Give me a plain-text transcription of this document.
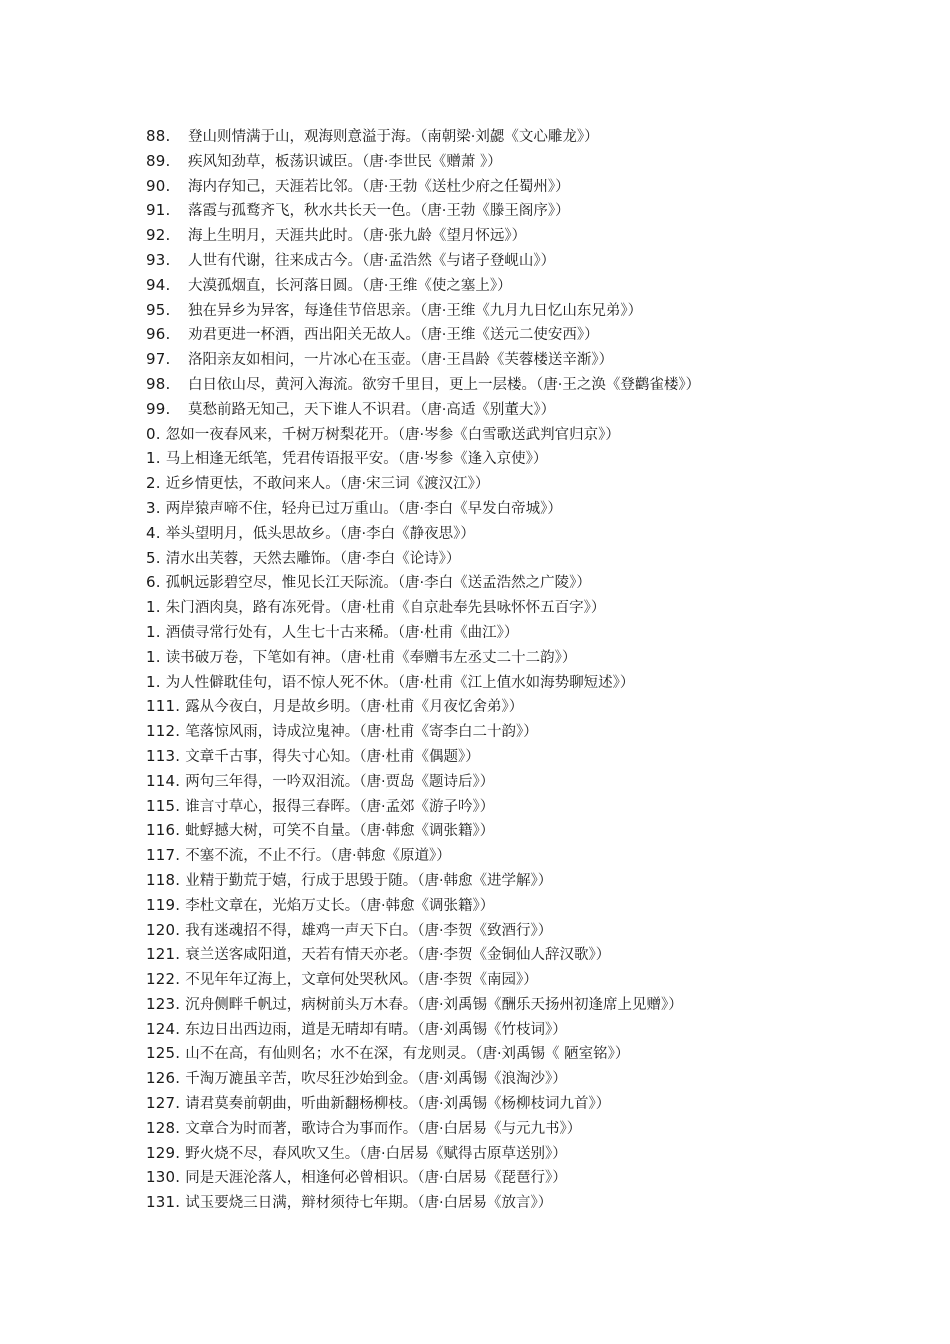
88. 登山则情满于山，观海则意溢于海。（南朝梁·刘勰《文心雕龙》）
89. 疾风知劲草，板荡识诚臣。（唐·李世民《赠萧 》）
90. 海内存知己，天涯若比邻。（唐·王勃《送杜少府之任蜀州》）
91. 落霞与孤鹜齐飞，秋水共长天一色。（唐·王勃《滕王阁序》）
92. 海上生明月，天涯共此时。（唐·张九龄《望月怀远》）
93. 人世有代谢，往来成古今。（唐·孟浩然《与诸子登岘山》）
94. 大漠孤烟直，长河落日圆。（唐·王维《使之塞上》）
95. 独在异乡为异客，每逢佳节倍思亲。（唐·王维《九月九日忆山东兄弟》）
96. 劝君更进一杯酒，西出阳关无故人。（唐·王维《送元二使安西》）
97. 洛阳亲友如相问，一片冰心在玉壶。（唐·王昌龄《芙蓉楼送辛渐》）
98. 白日依山尽，黄河入海流。欲穷千里目，更上一层楼。（唐·王之涣《登鹳雀楼》）
99. 莫愁前路无知己，天下谁人不识君。（唐·高适《别董大》）
0. 忽如一夜春风来，千树万树梨花开。（唐·岑参《白雪歌送武判官归京》）
1. 马上相逢无纸笔，凭君传语报平安。（唐·岑参《逢入京使》）
2. 近乡情更怯，不敢问来人。（唐·宋三词《渡汉江》）
3. 两岸猿声啼不住，轻舟已过万重山。（唐·李白《早发白帝城》）
4. 举头望明月，低头思故乡。（唐·李白《静夜思》）
5. 清水出芙蓉，天然去雕饰。（唐·李白《论诗》）
6. 孤帆远影碧空尽，惟见长江天际流。（唐·李白《送孟浩然之广陵》）
1. 朱门酒肉臭，路有冻死骨。（唐·杜甫《自京赴奉先县咏怀怀五百字》）
1. 酒债寻常行处有，人生七十古来稀。（唐·杜甫《曲江》）
1. 读书破万卷，下笔如有神。（唐·杜甫《奉赠韦左丞丈二十二韵》）
1. 为人性僻耽佳句，语不惊人死不休。（唐·杜甫《江上值水如海势聊短述》）
111. 露从今夜白，月是故乡明。（唐·杜甫《月夜忆舍弟》）
112. 笔落惊风雨，诗成泣鬼神。（唐·杜甫《寄李白二十韵》）
113. 文章千古事，得失寸心知。（唐·杜甫《偶题》）
114. 两句三年得，一吟双泪流。（唐·贾岛《题诗后》）
115. 谁言寸草心，报得三春晖。（唐·孟郊《游子吟》）
116. 蚍蜉撼大树，可笑不自量。（唐·韩愈《调张籍》）
117. 不塞不流，不止不行。（唐·韩愈《原道》）
118. 业精于勤荒于嬉，行成于思毁于随。（唐·韩愈《进学解》）
119. 李杜文章在，光焰万丈长。（唐·韩愈《调张籍》）
120. 我有迷魂招不得，雄鸡一声天下白。（唐·李贺《致酒行》）
121. 衰兰送客咸阳道，天若有情天亦老。（唐·李贺《金铜仙人辞汉歌》）
122. 不见年年辽海上，文章何处哭秋风。（唐·李贺《南园》）
123. 沉舟侧畔千帆过，病树前头万木春。（唐·刘禹锡《酬乐天扬州初逢席上见赠》）
124. 东边日出西边雨，道是无晴却有晴。（唐·刘禹锡《竹枝词》）
125. 山不在高，有仙则名；水不在深，有龙则灵。（唐·刘禹锡《 陋室铭》）
126. 千淘万漉虽辛苦，吹尽狂沙始到金。（唐·刘禹锡《浪淘沙》）
127. 请君莫奏前朝曲，听曲新翻杨柳枝。（唐·刘禹锡《杨柳枝词九首》）
128. 文章合为时而著，歌诗合为事而作。（唐·白居易《与元九书》）
129. 野火烧不尽，春风吹又生。（唐·白居易《赋得古原草送别》）
130. 同是天涯沦落人，相逢何必曾相识。（唐·白居易《琵琶行》）
131. 试玉要烧三日满，辩材须待七年期。（唐·白居易《放言》）
